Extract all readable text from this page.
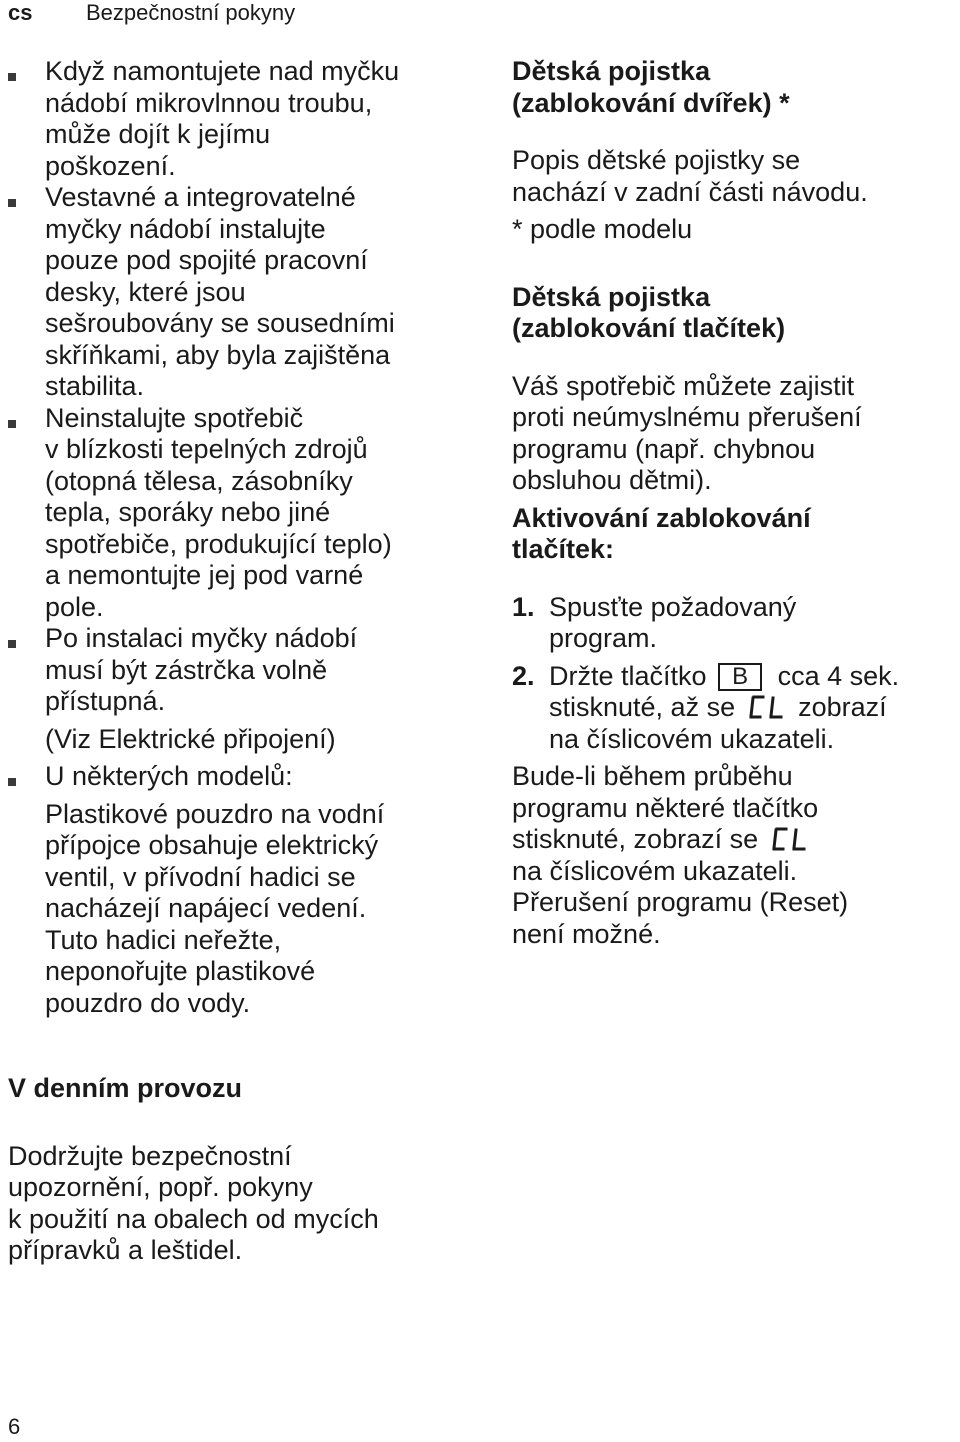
cs Bezpečnostní pokyny
Když namontujete nad myčku
nádobí mikrovlnnou troubu,
může dojít k jejímu
poškození.
Vestavné a integrovatelné
myčky nádobí instalujte
pouze pod spojité pracovní
desky, které jsou
sešroubovány se sousedními
skříňkami, aby byla zajištěna
stabilita.
Neinstalujte spotřebič
v blízkosti tepelných zdrojů
(otopná tělesa, zásobníky
tepla, sporáky nebo jiné
spotřebiče, produkující teplo)
a nemontujte jej pod varné
pole.
Po instalaci myčky nádobí
musí být zástrčka volně
přístupná.
(Viz Elektrické připojení)
U některých modelů:
Plastikové pouzdro na vodní
přípojce obsahuje elektrický
ventil, v přívodní hadici se
nacházejí napájecí vedení.
Tuto hadici neřežte,
neponořujte plastikové
pouzdro do vody.
Dětská pojistka
(zablokování dvířek) *
Popis dětské pojistky se
nachází v zadní části návodu.
* podle modelu
Dětská pojistka
(zablokování tlačítek)
Váš spotřebič můžete zajistit
proti neúmyslnému přerušení
programu (např. chybnou
obsluhou dětmi).
Aktivování zablokování
tlačítek:
1. Spusťte požadovaný
program.
2. Držte tlačítko B cca 4 sek.
stisknuté, až se zobrazí
na číslicovém ukazateli.
Bude-li během průběhu
programu některé tlačítko
stisknuté, zobrazí se
na číslicovém ukazateli.
Přerušení programu (Reset)
není možné.
V denním provozu
Dodržujte bezpečnostní
upozornění, popř. pokyny
k použití na obalech od mycích
přípravků a leštidel.
6
